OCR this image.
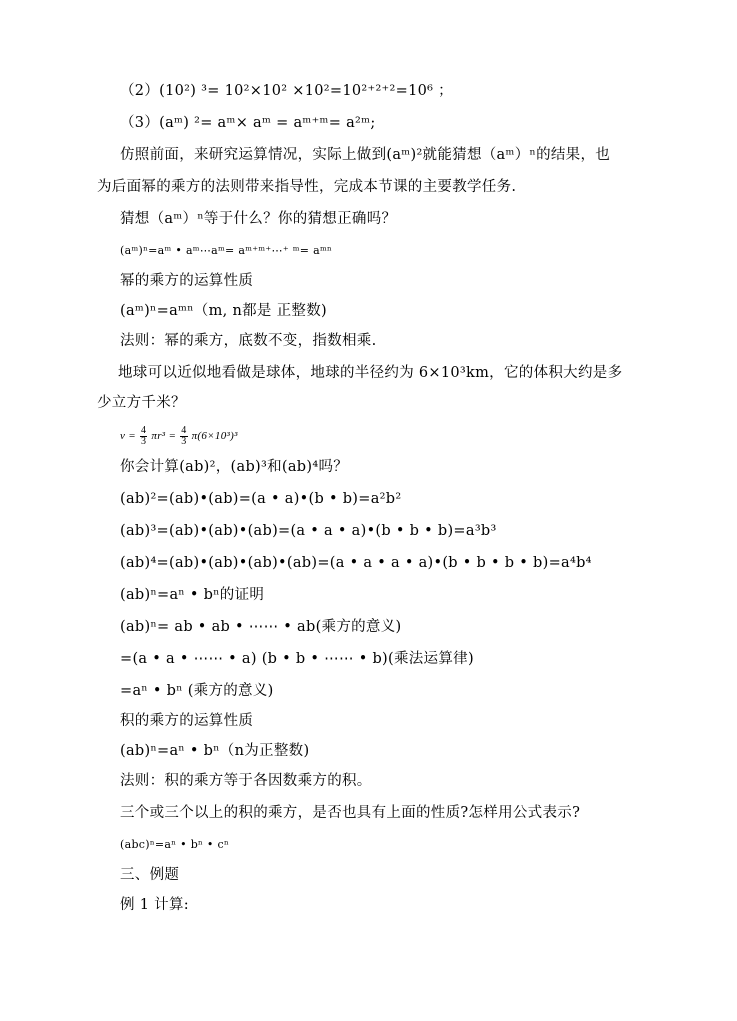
（2）(10²) ³= 10²×10² ×10²=10²⁺²⁺²=10⁶ ；
（3）(aᵐ) ²= aᵐ× aᵐ = aᵐ⁺ᵐ= a²ᵐ;
仿照前面，来研究运算情况，实际上做到(aᵐ)²就能猜想（aᵐ）ⁿ的结果，也
为后面幂的乘方的法则带来指导性，完成本节课的主要教学任务.
猜想（aᵐ）ⁿ等于什么？你的猜想正确吗？
(aᵐ)ⁿ=aᵐ • aᵐ⋯aᵐ= aᵐ⁺ᵐ⁺⋯⁺ ᵐ= aᵐⁿ
幂的乘方的运算性质
(aᵐ)ⁿ=aᵐⁿ（m, n都是 正整数)
法则：幂的乘方，底数不变，指数相乘.
地球可以近似地看做是球体，地球的半径约为 6×10³km，它的体积大约是多
少立方千米？
$v = \frac{4}{3} \pi r^3 = \frac{4}{3} \pi(6\times 10^3)^3$
你会计算(ab)²，(ab)³和(ab)⁴吗？
(ab)²=(ab)•(ab)=(a • a)•(b • b)=a²b²
(ab)³=(ab)•(ab)•(ab)=(a • a • a)•(b • b • b)=a³b³
(ab)⁴=(ab)•(ab)•(ab)•(ab)=(a • a • a • a)•(b • b • b • b)=a⁴b⁴
(ab)ⁿ=aⁿ • bⁿ的证明
(ab)ⁿ= ab • ab • ⋯⋯ • ab(乘方的意义)
=(a • a • ⋯⋯ • a) (b • b • ⋯⋯ • b)(乘法运算律)
=aⁿ • bⁿ (乘方的意义)
积的乘方的运算性质
(ab)ⁿ=aⁿ • bⁿ（n为正整数)
法则：积的乘方等于各因数乘方的积。
三个或三个以上的积的乘方，是否也具有上面的性质?怎样用公式表示?
(abc)ⁿ=aⁿ • bⁿ • cⁿ
三、例题
例 1 计算:
